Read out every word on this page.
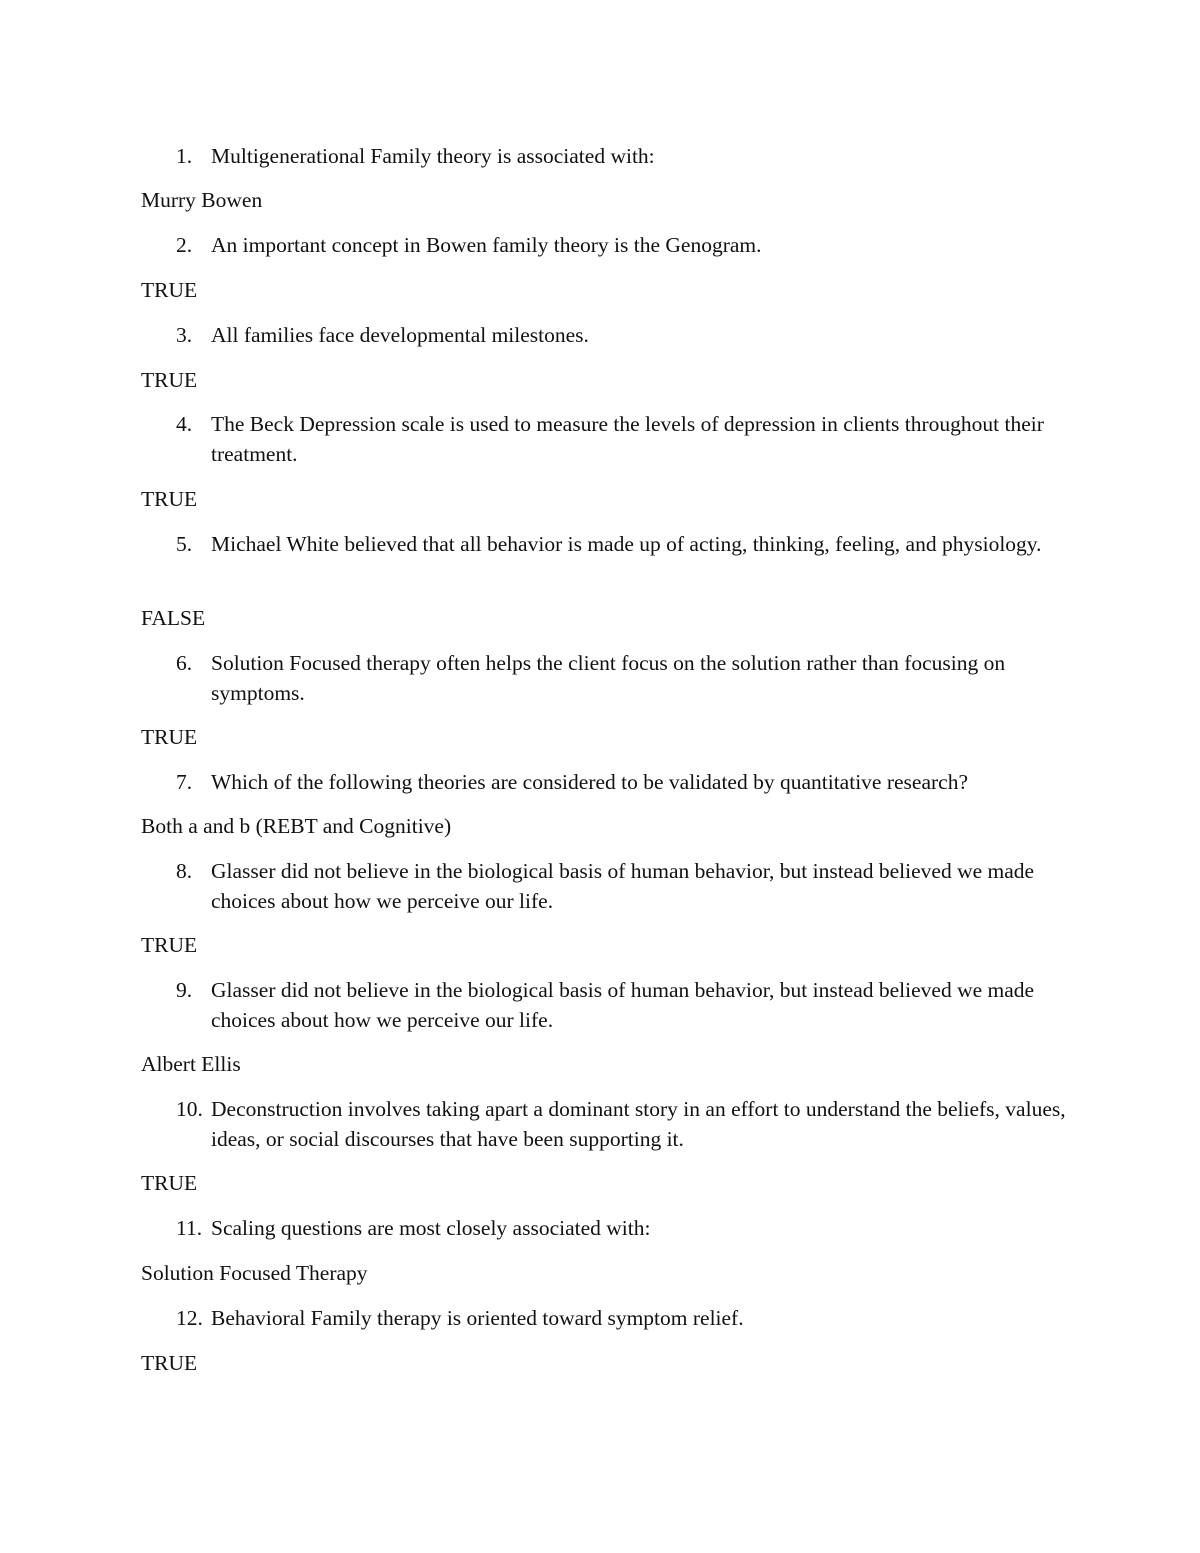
1. Multigenerational Family theory is associated with:
Murry Bowen
2. An important concept in Bowen family theory is the Genogram.
TRUE
3. All families face developmental milestones.
TRUE
4. The Beck Depression scale is used to measure the levels of depression in clients throughout their treatment.
TRUE
5. Michael White believed that all behavior is made up of acting, thinking, feeling, and physiology.
FALSE
6. Solution Focused therapy often helps the client focus on the solution rather than focusing on symptoms.
TRUE
7. Which of the following theories are considered to be validated by quantitative research?
Both a and b (REBT and Cognitive)
8. Glasser did not believe in the biological basis of human behavior, but instead believed we made choices about how we perceive our life.
TRUE
9. Glasser did not believe in the biological basis of human behavior, but instead believed we made choices about how we perceive our life.
Albert Ellis
10. Deconstruction involves taking apart a dominant story in an effort to understand the beliefs, values, ideas, or social discourses that have been supporting it.
TRUE
11. Scaling questions are most closely associated with:
Solution Focused Therapy
12. Behavioral Family therapy is oriented toward symptom relief.
TRUE
